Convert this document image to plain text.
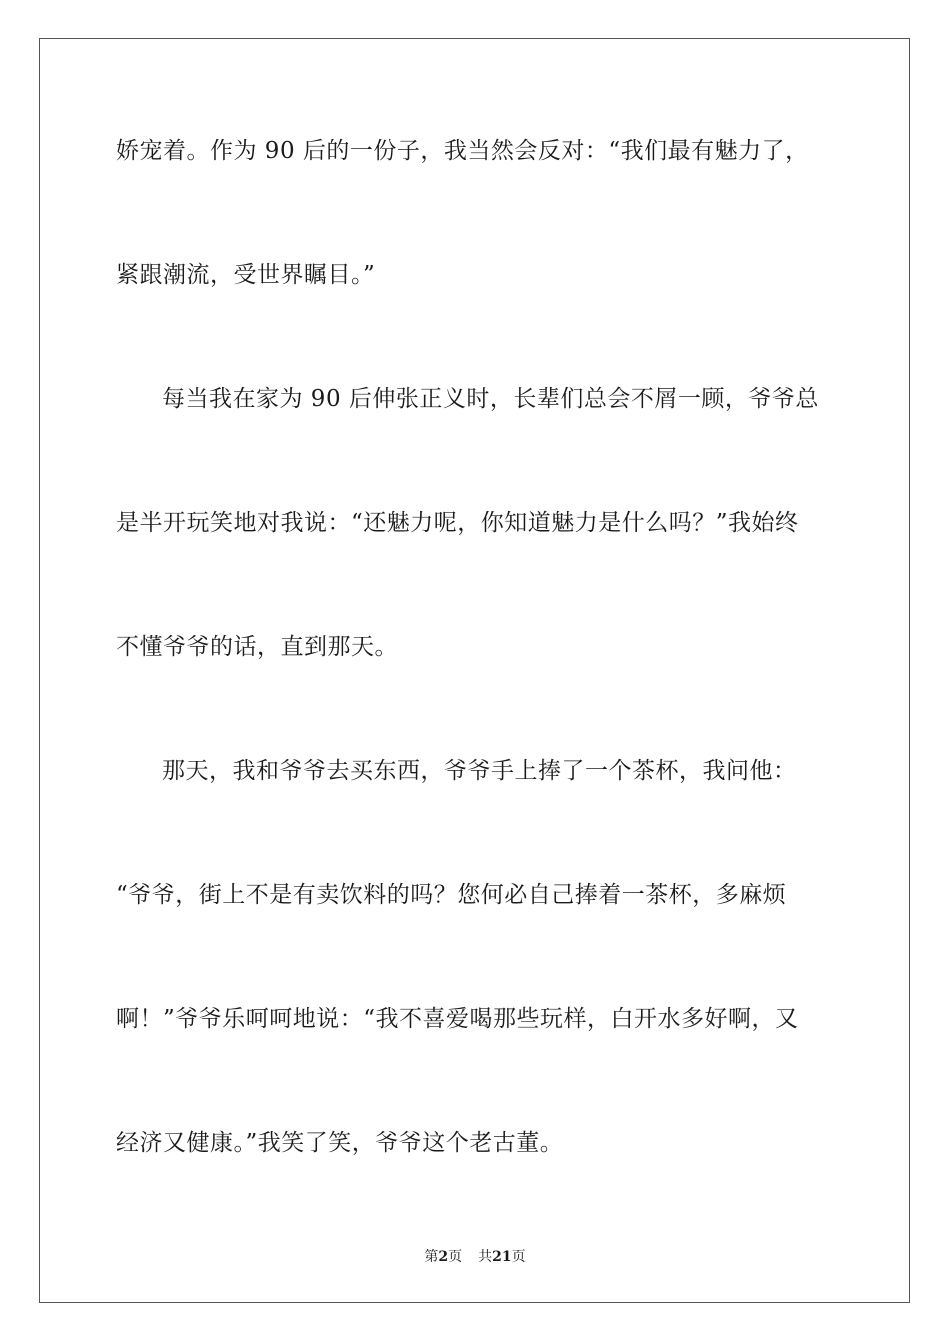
娇宠着。作为 90 后的一份子，我当然会反对：“我们最有魅力了，
紧跟潮流，受世界瞩目。”
每当我在家为 90 后伸张正义时，长辈们总会不屑一顾，爷爷总
是半开玩笑地对我说：“还魅力呢，你知道魅力是什么吗？”我始终
不懂爷爷的话，直到那天。
那天，我和爷爷去买东西，爷爷手上捧了一个茶杯，我问他：
“爷爷，街上不是有卖饮料的吗？您何必自己捧着一茶杯，多麻烦
啊！”爷爷乐呵呵地说：“我不喜爱喝那些玩样，白开水多好啊，又
经济又健康。”我笑了笑，爷爷这个老古董。
第2页 共21页
